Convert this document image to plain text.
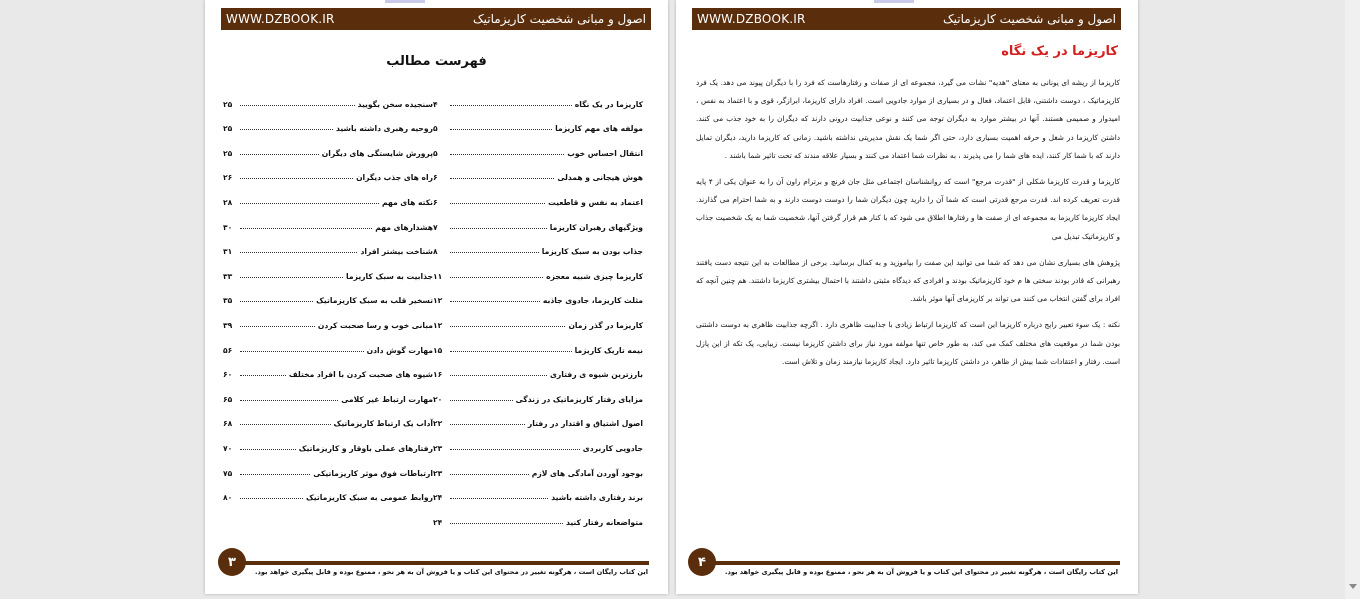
WWW.DZBOOK.IR	اصول و مبانی شخصیت کاریزماتیک
فهرست مطالب
کاریزما در یک نگاه
۴
مولفه های مهم کاریزما
۵
انتقال احساس خوب
۵
هوش هیجانی و همدلی
۶
اعتماد به نفس و قاطعیت
۶
ویژگیهای رهبران کاریزما
۷
جذاب بودن به سبک کاریزما
۸
کاریزما چیزی شبیه معجزه
۱۱
مثلث کاریزما، جادوی جاذبه
۱۲
کاریزما در گذر زمان
۱۲
نیمه تاریک کاریزما
۱۵
بارزترین شیوه ی رفتاری
۱۶
مزایای رفتار کاریزماتیک در زندگی
۲۰
اصول اشتیاق و اقتدار در رفتار
۲۲
جادویی کاربردی
۲۳
بوجود آوردن آمادگی های لازم
۲۳
برند رفتاری داشته باشید
۲۴
متواضعانه رفتار کنید
۲۴
سنجیده سخن بگویید
۲۵
روحیه رهبری داشته باشید
۲۵
پرورش شایستگی های دیگران
۲۵
راه های جذب دیگران
۲۶
نکته های مهم
۲۸
هشدارهای مهم
۳۰
شناخت بیشتر افراد
۳۱
جذابیت به سبک کاریزما
۳۳
تسخیر قلب به سبک کاریزماتیک
۳۵
مبانی خوب و رسا صحبت کردن
۳۹
مهارت گوش دادن
۵۶
شیوه های صحبت کردن با افراد مختلف
۶۰
مهارت ارتباط غیر کلامی
۶۵
آداب یک ارتباط کاریزماتیک
۶۸
رفتارهای عملی باوقار و کاریزماتیک
۷۰
ارتباطات فوق موثر کاریزماتیکی
۷۵
روابط عمومی به سبک کاریزماتیک
۸۰
۳
این کتاب رایگان است ، هرگونه تغییر در محتوای این کتاب و یا فروش آن به هر نحو ، ممنوع بوده و قابل پیگیری خواهد بود.
WWW.DZBOOK.IR	اصول و مبانی شخصیت کاریزماتیک
کاریزما در یک نگاه

کاریزما از ریشه ای یونانی به معنای "هدیه" نشات می گیرد، مجموعه ای از صفات و رفتارهاست که فرد را با دیگران پیوند می دهد. یک فرد کاریزماتیک ، دوست داشتنی، قابل اعتماد، فعال و در بسیاری از موارد جادویی است. افراد دارای کاریزما، ابرازگر، قوی و با اعتماد به نفس ، امیدوار و صمیمی هستند. آنها در بیشتر موارد به دیگران توجه می کنند و نوعی جذابیت درونی دارند که دیگران را به خود جذب می کنند. داشتن کاریزما در شغل و حرفه اهمیت بسیاری دارد، حتی اگر شما یک نقش مدیریتی نداشته باشید. زمانی که کاریزما دارید، دیگران تمایل دارند که با شما کار کنند، ایده های شما را می پذیرند ، به نظرات شما اعتماد می کنند و بسیار علاقه مندند که تحت تاثیر شما باشند .

کاریزما و قدرت کاریزما شکلی از "قدرت مرجع" است که روانشناسان اجتماعی مثل جان فرنچ و برترام راون آن را به عنوان یکی از ۴ پایه قدرت تعریف کرده اند. قدرت مرجع قدرتی است که شما آن را دارید چون دیگران شما را دوست دوست دارند و به شما احترام می گذارند. ایجاد کاریزما کاریزما به مجموعه ای از صفت ها و رفتارها اطلاق می شود که با کنار هم قرار گرفتن آنها، شخصیت شما به یک شخصیت جذاب و کاریزماتیک تبدیل می

پژوهش های بسیاری نشان می دهد که شما می توانید این صفت را بیاموزید و به کمال برسانید. برخی از مطالعات به این نتیجه دست یافتند رهبرانی که قادر بودند سختی ها م خود کاریزماتیک بودند و افرادی که دیدگاه مثبتی داشتند با احتمال بیشتری کاریزما داشتند. هم چنین آنچه که افراد برای گفتن انتخاب می کنند می تواند بر کاریزمای آنها موثر باشد.

نکته : یک سوء تعبیر رایج درباره کاریزما این است که کاریزما ارتباط زیادی با جذابیت ظاهری دارد . اگرچه جذابیت ظاهری به دوست داشتنی بودن شما در موقعیت های مختلف کمک می کند، به طور خاص تنها مولفه مورد نیاز برای داشتن کاریزما نیست. زیبایی، یک تکه از این پازل است. رفتار و اعتقادات شما بیش از ظاهر، در داشتن کاریزما تاثیر دارد. ایجاد کاریزما نیازمند زمان و تلاش است.

۴
این کتاب رایگان است ، هرگونه تغییر در محتوای این کتاب و یا فروش آن به هر نحو ، ممنوع بوده و قابل پیگیری خواهد بود.
